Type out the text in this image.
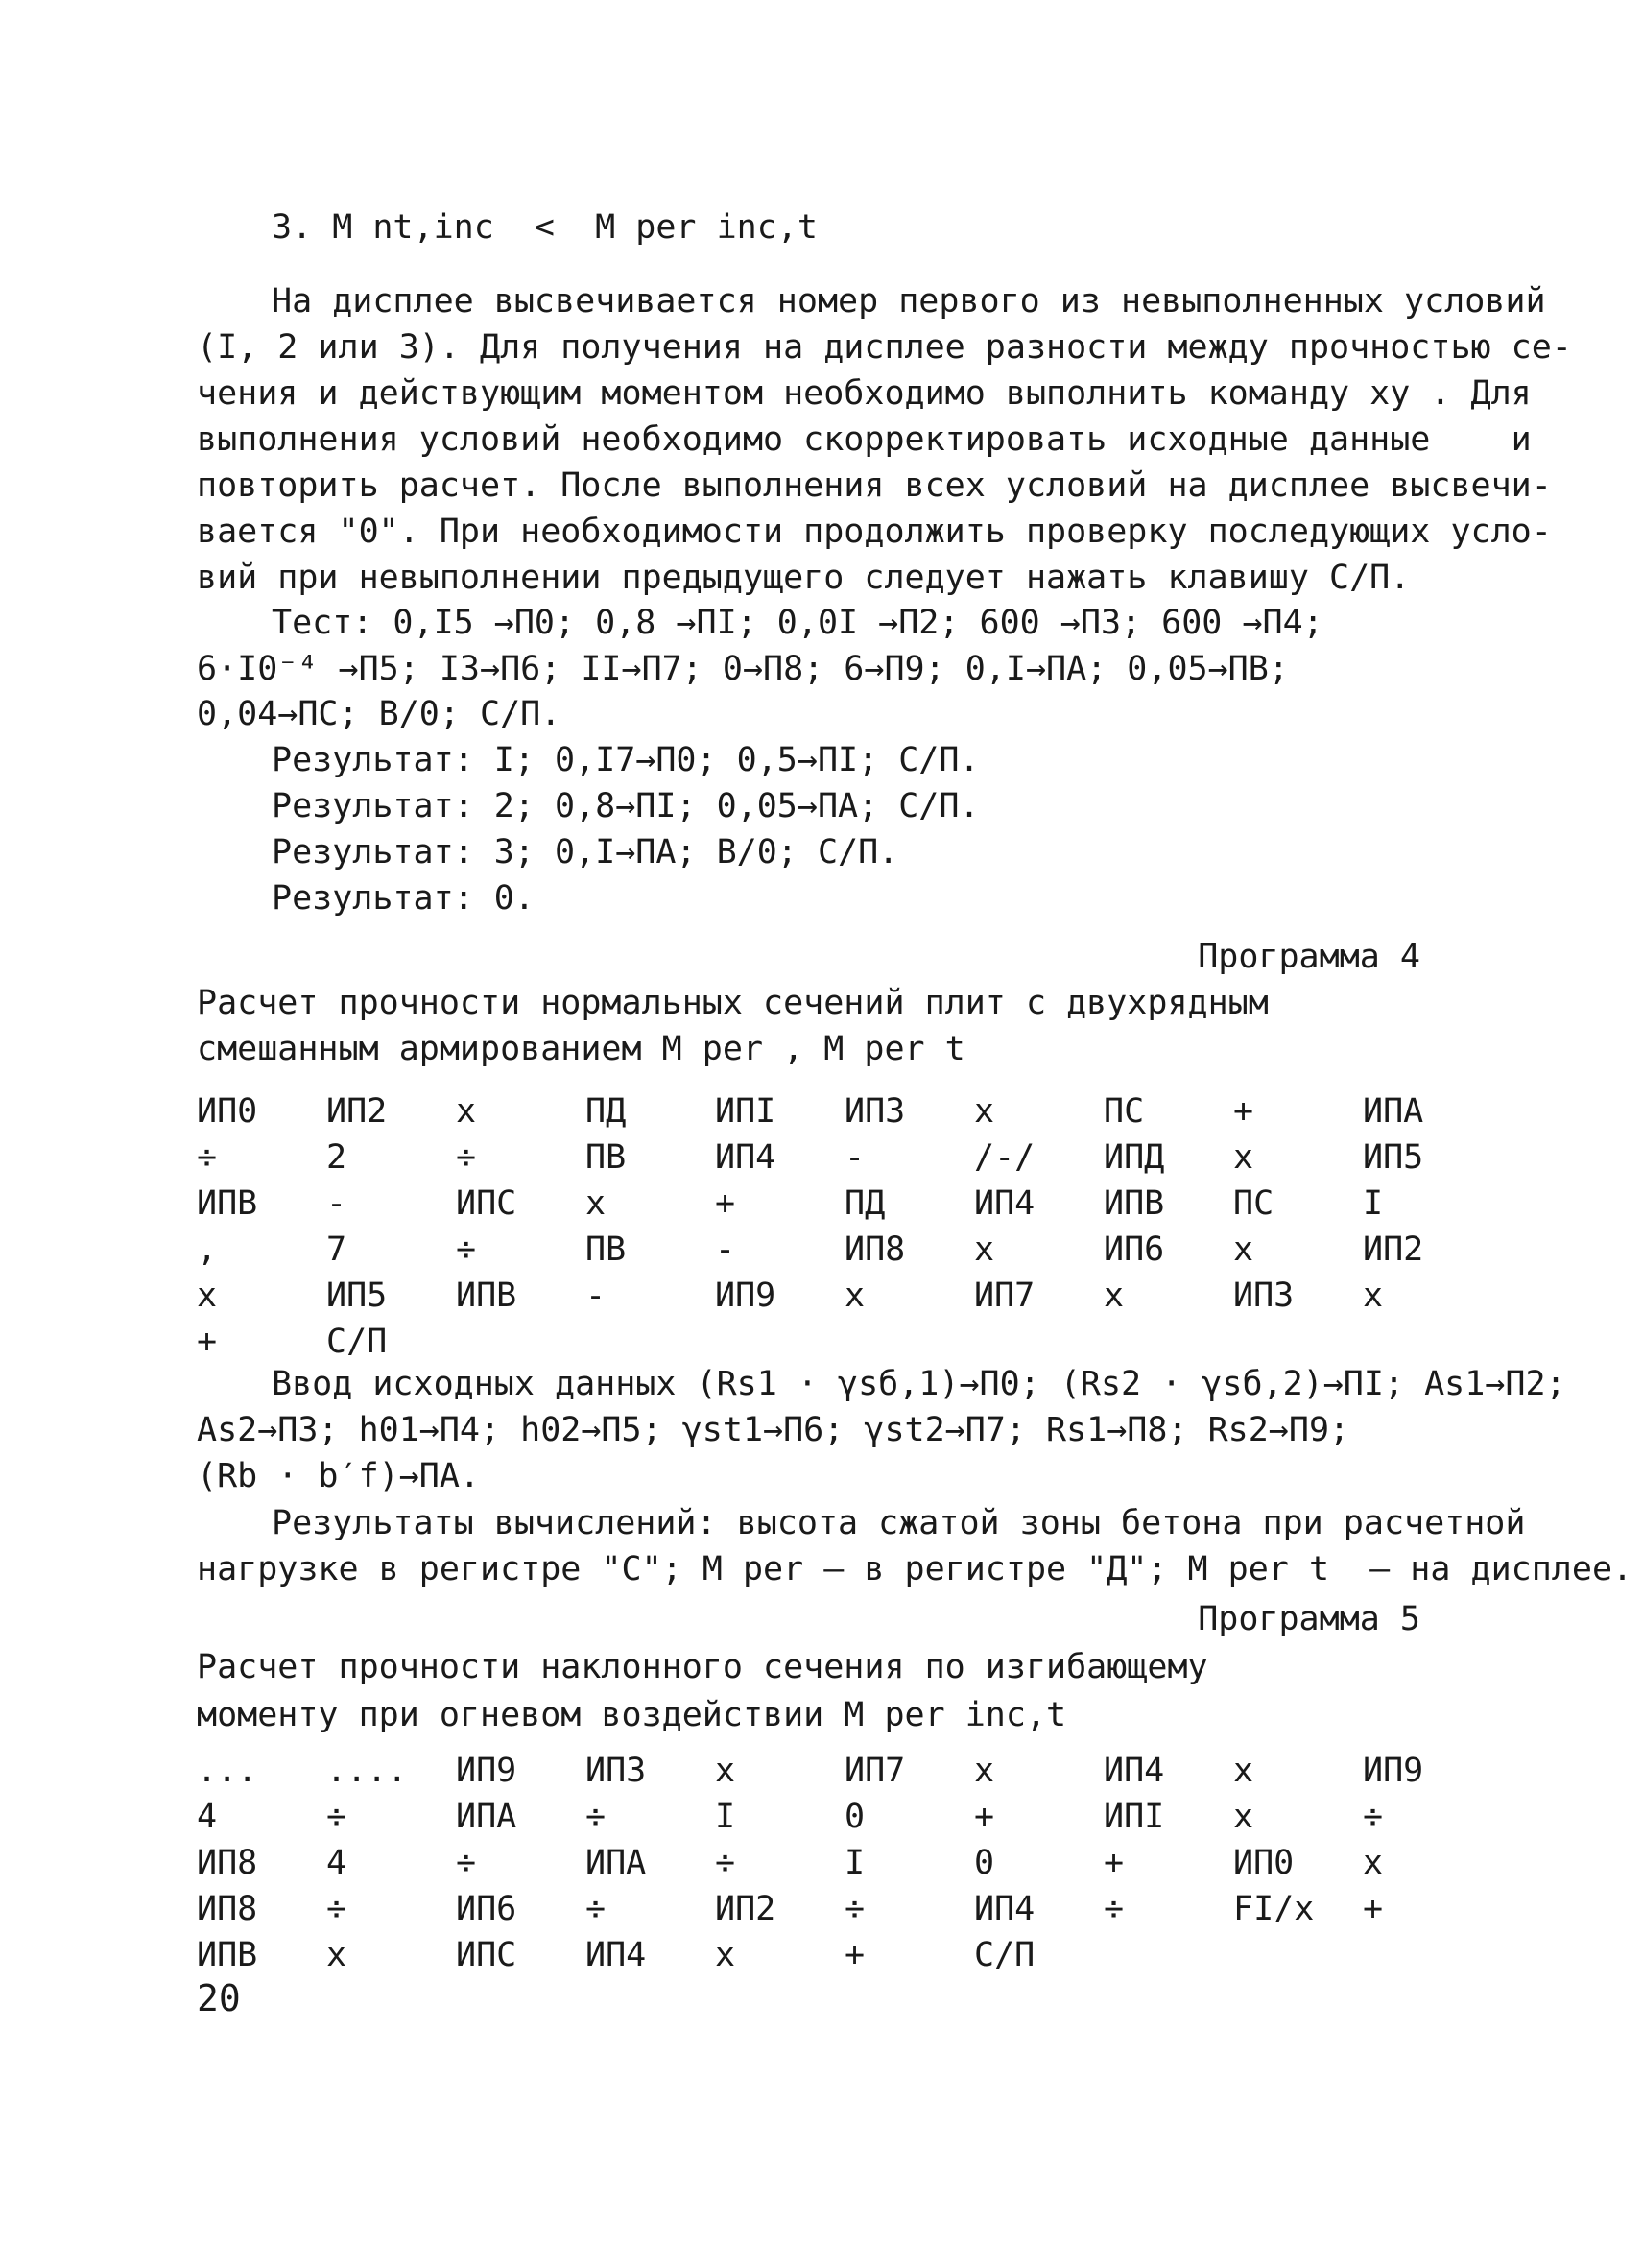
3. M nt,inc  <  M per inc,t
На дисплее высвечивается номер первого из невыполненных условий
(I, 2 или 3). Для получения на дисплее разности между прочностью се-
чения и действующим моментом необходимо выполнить команду xy . Для
выполнения условий необходимо скорректировать исходные данные    и
повторить расчет. После выполнения всех условий на дисплее высвечи-
вается "0". При необходимости продолжить проверку последующих усло-
вий при невыполнении предыдущего следует нажать клавишу С/П.
Тест: 0,I5 →П0; 0,8 →ПI; 0,0I →П2; 600 →П3; 600 →П4;
6·I0⁻⁴ →П5; I3→П6; II→П7; 0→П8; 6→П9; 0,I→ПА; 0,05→ПВ;
0,04→ПС; В/0; С/П.
Результат: I; 0,I7→П0; 0,5→ПI; С/П.
Результат: 2; 0,8→ПI; 0,05→ПА; С/П.
Результат: 3; 0,I→ПА; В/0; С/П.
Результат: 0.
Программа 4
Расчет прочности нормальных сечений плит с двухрядным
смешанным армированием M per , M per t
ИП0 ИП2 x	ПД	ИПI ИП3 x	ПС	+	ИПА
÷	2	÷	ПВ	ИП4 -	/-/ ИПД x	ИП5
ИПВ -	ИПС x	+	ПД	ИП4 ИПВ ПС	I
,	7	÷	ПВ	-	ИП8 x	ИП6 x	ИП2
x	ИП5 ИПВ -	ИП9 x	ИП7 x	ИП3 x
+	С/П
Ввод исходных данных (Rs1 · γsб,1)→П0; (Rs2 · γsб,2)→ПI; As1→П2;
As2→П3; h01→П4; h02→П5; γst1→П6; γst2→П7; Rs1→П8; Rs2→П9;
(Rb · b′f)→ПА.
Результаты вычислений: высота сжатой зоны бетона при расчетной
нагрузке в регистре "С"; M per – в регистре "Д"; M per t  – на дисплее.
Программа 5
Расчет прочности наклонного сечения по изгибающему
моменту при огневом воздействии M per inc,t
... .... ИП9 ИП3 x	ИП7 x	ИП4 x	ИП9
4	÷	ИПА ÷	I	0	+	ИПI x	÷
ИП8 4	÷	ИПА ÷	I	0	+	ИП0 x
ИП8 ÷	ИП6 ÷	ИП2 ÷	ИП4 ÷	FI/x +
ИПВ x	ИПС ИП4 x	+	С/П
20
